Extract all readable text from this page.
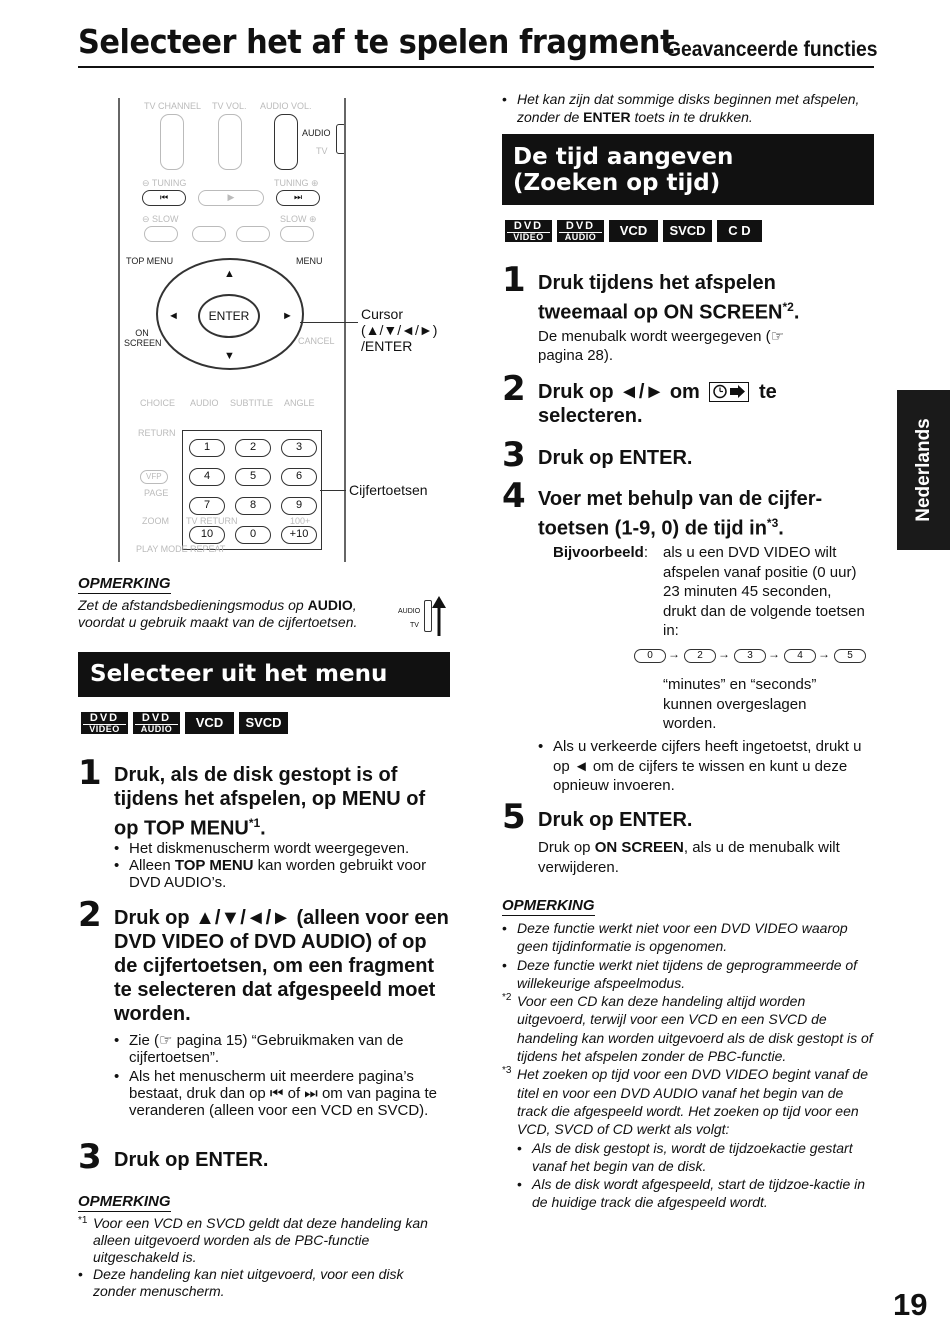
Selecteer het af te spelen fragment
Geavanceerde functies
Nederlands
19
TV CHANNEL TV VOL. AUDIO VOL.
AUDIO
TV
⊖ TUNING	TUNING ⊕
⏮	▶	⏭
⊖ SLOW	SLOW ⊕
TOP MENU	MENU
ENTER
▲
▼
◄	►
ON SCREEN	CANCEL
CHOICE AUDIO SUBTITLE ANGLE
RETURN
1	2	3
4	5	6
7	8	9
10	0	+10
VFP
PAGE
ZOOM TV RETURN	100+
PLAY MODE REPEAT
Cursor
(▲/▼/◄/►)
/ENTER
Cijfertoetsen
OPMERKING
Zet de afstandsbedieningsmodus op AUDIO,
voordat u gebruik maakt van de cijfertoetsen.
AUDIO
TV
Selecteer uit het menu
DVD
VIDEO
DVD
AUDIO	VCD	SVCD
1 Druk, als de disk gestopt is of tijdens het afspelen, op MENU of op TOP MENU$^{*1}$.
• Het diskmenuscherm wordt weergegeven.
• Alleen TOP MENU kan worden gebruikt voor DVD AUDIO’s.
2 Druk op ▲/▼/◄/► (alleen voor een DVD VIDEO of DVD AUDIO) of op de cijfertoetsen, om een fragment te selecteren dat afgespeeld moet worden.
• Zie (☞ pagina 15) “Gebruikmaken van de cijfertoetsen”.
• Als het menuscherm uit meerdere pagina’s bestaat, druk dan op ⏮ of ⏭ om van pagina te veranderen (alleen voor een VCD en SVCD).
3 Druk op ENTER.
OPMERKING
*1 Voor een VCD en SVCD geldt dat deze handeling kan alleen uitgevoerd worden als de PBC-functie uitgeschakeld is.
• Deze handeling kan niet uitgevoerd, voor een disk zonder menuscherm.
• Het kan zijn dat sommige disks beginnen met afspelen, zonder de ENTER toets in te drukken.
De tijd aangeven
(Zoeken op tijd)
DVD
VIDEO
DVD
AUDIO	VCD	SVCD	C D
1 Druk tijdens het afspelen tweemaal op ON SCREEN$^{*2}$.
De menubalk wordt weergegeven (☞ pagina 28).
2 Druk op ◄/► om	te selecteren.
3 Druk op ENTER.
4 Voer met behulp van de cijfer-toetsen (1-9, 0) de tijd $in^{*3}$.
Bijvoorbeeld: als u een DVD VIDEO wilt afspelen vanaf positie (0 uur) 23 minuten 45 seconden, drukt dan de volgende toetsen in:
0	→	2	→	3	→	4	→	5
“minutes” en “seconds” kunnen overgeslagen worden.
• Als u verkeerde cijfers heeft ingetoetst, drukt u op ◄ om de cijfers te wissen en kunt u deze opnieuw invoeren.
5 Druk op ENTER.
Druk op ON SCREEN, als u de menubalk wilt verwijderen.
OPMERKING
• Deze functie werkt niet voor een DVD VIDEO waarop geen tijdinformatie is opgenomen.
• Deze functie werkt niet tijdens de geprogrammeerde of willekeurige afspeelmodus.
*2 Voor een CD kan deze handeling altijd worden uitgevoerd, terwijl voor een VCD en een SVCD de handeling kan worden uitgevoerd als de disk gestopt is of tijdens het afspelen zonder de PBC-functie.
*3 Het zoeken op tijd voor een DVD VIDEO begint vanaf de titel en voor een DVD AUDIO vanaf het begin van de track die afgespeeld wordt. Het zoeken op tijd voor een VCD, SVCD of CD werkt als volgt:
• Als de disk gestopt is, wordt de tijdzoekactie gestart vanaf het begin van de disk.
• Als de disk wordt afgespeeld, start de tijdzoe-kactie in de huidige track die afgespeeld wordt.
